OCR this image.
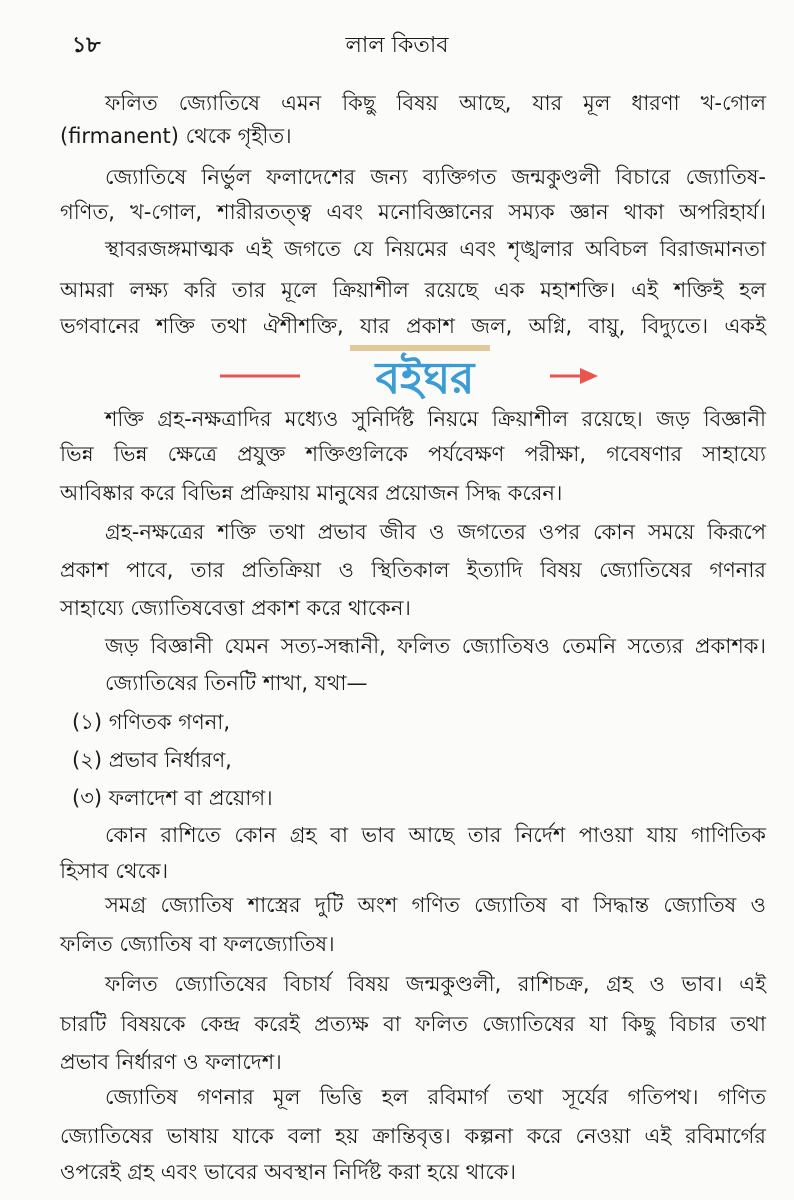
১৮	লাল কিতাব
ফলিত জ্যোতিষে এমন কিছু বিষয় আছে, যার মূল ধারণা খ-গোল
(firmanent) থেকে গৃহীত।
জ্যোতিষে নির্ভুল ফলাদেশের জন্য ব্যক্তিগত জন্মকুণ্ডলী বিচারে জ্যোতিষ-
গণিত, খ-গোল, শারীরতত্ত্ব এবং মনোবিজ্ঞানের সম্যক জ্ঞান থাকা অপরিহার্য।
স্থাবরজঙ্গমাত্মক এই জগতে যে নিয়মের এবং শৃঙ্খলার অবিচল বিরাজমানতা
আমরা লক্ষ্য করি তার মূলে ক্রিয়াশীল রয়েছে এক মহাশক্তি। এই শক্তিই হল
ভগবানের শক্তি তথা ঐশীশক্তি, যার প্রকাশ জল, অগ্নি, বায়ু, বিদ্যুতে। একই
শক্তি গ্রহ-নক্ষত্রাদির মধ্যেও সুনির্দিষ্ট নিয়মে ক্রিয়াশীল রয়েছে। জড় বিজ্ঞানী
ভিন্ন ভিন্ন ক্ষেত্রে প্রযুক্ত শক্তিগুলিকে পর্যবেক্ষণ পরীক্ষা, গবেষণার সাহায্যে
আবিষ্কার করে বিভিন্ন প্রক্রিয়ায় মানুষের প্রয়োজন সিদ্ধ করেন।
গ্রহ-নক্ষত্রের শক্তি তথা প্রভাব জীব ও জগতের ওপর কোন সময়ে কিরূপে
প্রকাশ পাবে, তার প্রতিক্রিয়া ও স্থিতিকাল ইত্যাদি বিষয় জ্যোতিষের গণনার
সাহায্যে জ্যোতিষবেত্তা প্রকাশ করে থাকেন।
জড় বিজ্ঞানী যেমন সত্য-সন্ধানী, ফলিত জ্যোতিষও তেমনি সত্যের প্রকাশক।
জ্যোতিষের তিনটি শাখা, যথা—
(১) গণিতক গণনা,
(২) প্রভাব নির্ধারণ,
(৩) ফলাদেশ বা প্রয়োগ।
কোন রাশিতে কোন গ্রহ বা ভাব আছে তার নির্দেশ পাওয়া যায় গাণিতিক
হিসাব থেকে।
সমগ্র জ্যোতিষ শাস্ত্রের দুটি অংশ গণিত জ্যোতিষ বা সিদ্ধান্ত জ্যোতিষ ও
ফলিত জ্যোতিষ বা ফলজ্যোতিষ।
ফলিত জ্যোতিষের বিচার্য বিষয় জন্মকুণ্ডলী, রাশিচক্র, গ্রহ ও ভাব। এই
চারটি বিষয়কে কেন্দ্র করেই প্রত্যক্ষ বা ফলিত জ্যোতিষের যা কিছু বিচার তথা
প্রভাব নির্ধারণ ও ফলাদেশ।
জ্যোতিষ গণনার মূল ভিত্তি হল রবিমার্গ তথা সূর্যের গতিপথ। গণিত
জ্যোতিষের ভাষায় যাকে বলা হয় ক্রান্তিবৃত্ত। কল্পনা করে নেওয়া এই রবিমার্গের
ওপরেই গ্রহ এবং ভাবের অবস্থান নির্দিষ্ট করা হয়ে থাকে।
বইঘর
